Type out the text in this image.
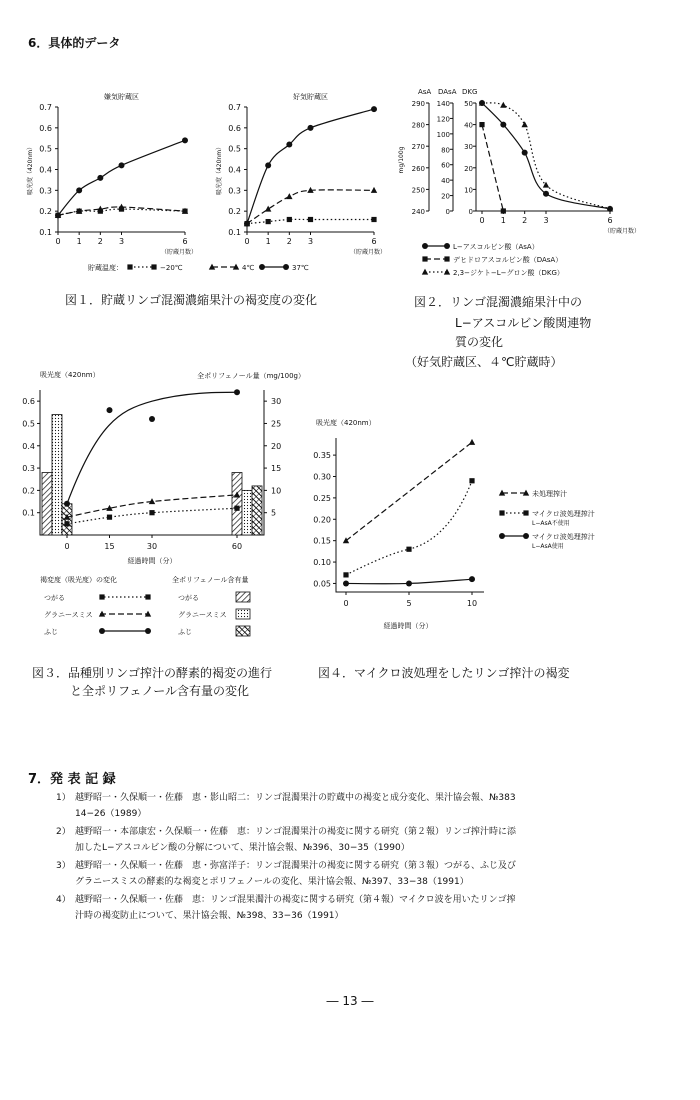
6．具体的データ
嫌気貯蔵区
0.1
0.2
0.3
0.4
0.5
0.6
0.7
0 1 2 3	6
（貯蔵月数）
吸光度（420nm）
好気貯蔵区
0.1
0.2
0.3
0.4
0.5
0.6
0.7
0 1 2 3	6
（貯蔵月数）
吸光度（420nm）
貯蔵温度：	−20℃	4℃	37℃
AsA DAsA DKG
mg/100g
240
250
260
270
280
290
0
20
40
60
80
100
120
140
0
10
20
30
40
50
0 1 2 3	6
（貯蔵月数）
L−アスコルビン酸（AsA）
デヒドロアスコルビン酸（DAsA）
2,3−ジケト−L−グロン酸（DKG）
吸光度（420nm）	全ポリフェノール量（mg/100g）
0.1
0.2
0.3
0.4
0.5
0.6
5
10
15
20
25
30
0	15	30	60
経過時間（分）
褐変度（吸光度）の変化	全ポリフェノール含有量
つがる
グラニースミス
ふじ
つがる
グラニースミス
ふじ
吸光度（420nm）
0.05
0.10
0.15
0.20
0.25
0.30
0.35
0	5	10
経過時間（分）
未処理搾汁
マイクロ波処理搾汁
L−AsA不使用
マイクロ波処理搾汁
L−AsA使用
図１．貯蔵リンゴ混濁濃縮果汁の褐変度の変化	図２．リンゴ混濁濃縮果汁中の
L−アスコルビン酸関連物
質の変化
（好気貯蔵区、４℃貯蔵時）
図３．品種別リンゴ搾汁の酵素的褐変の進行
と全ポリフェノール含有量の変化
図４．マイクロ波処理をしたリンゴ搾汁の褐変
7．発 表 記 録
1） 越野昭一・久保順一・佐藤　恵・影山昭二：リンゴ混濁果汁の貯蔵中の褐変と成分変化、果汁協会報、№383
14−26（1989）
2） 越野昭一・本部康宏・久保順一・佐藤　恵：リンゴ混濁果汁の褐変に関する研究（第２報）リンゴ搾汁時に添
加したL−アスコルビン酸の分解について、果汁協会報、№396、30−35（1990）
3） 越野昭一・久保順一・佐藤　恵・弥富洋子：リンゴ混濁果汁の褐変に関する研究（第３報）つがる、ふじ及び
グラニースミスの酵素的な褐変とポリフェノールの変化、果汁協会報、№397、33−38（1991）
4） 越野昭一・久保順一・佐藤　恵：リンゴ混果濁汁の褐変に関する研究（第４報）マイクロ波を用いたリンゴ搾
汁時の褐変防止について、果汁協会報、№398、33−36（1991）
― 13 ―
